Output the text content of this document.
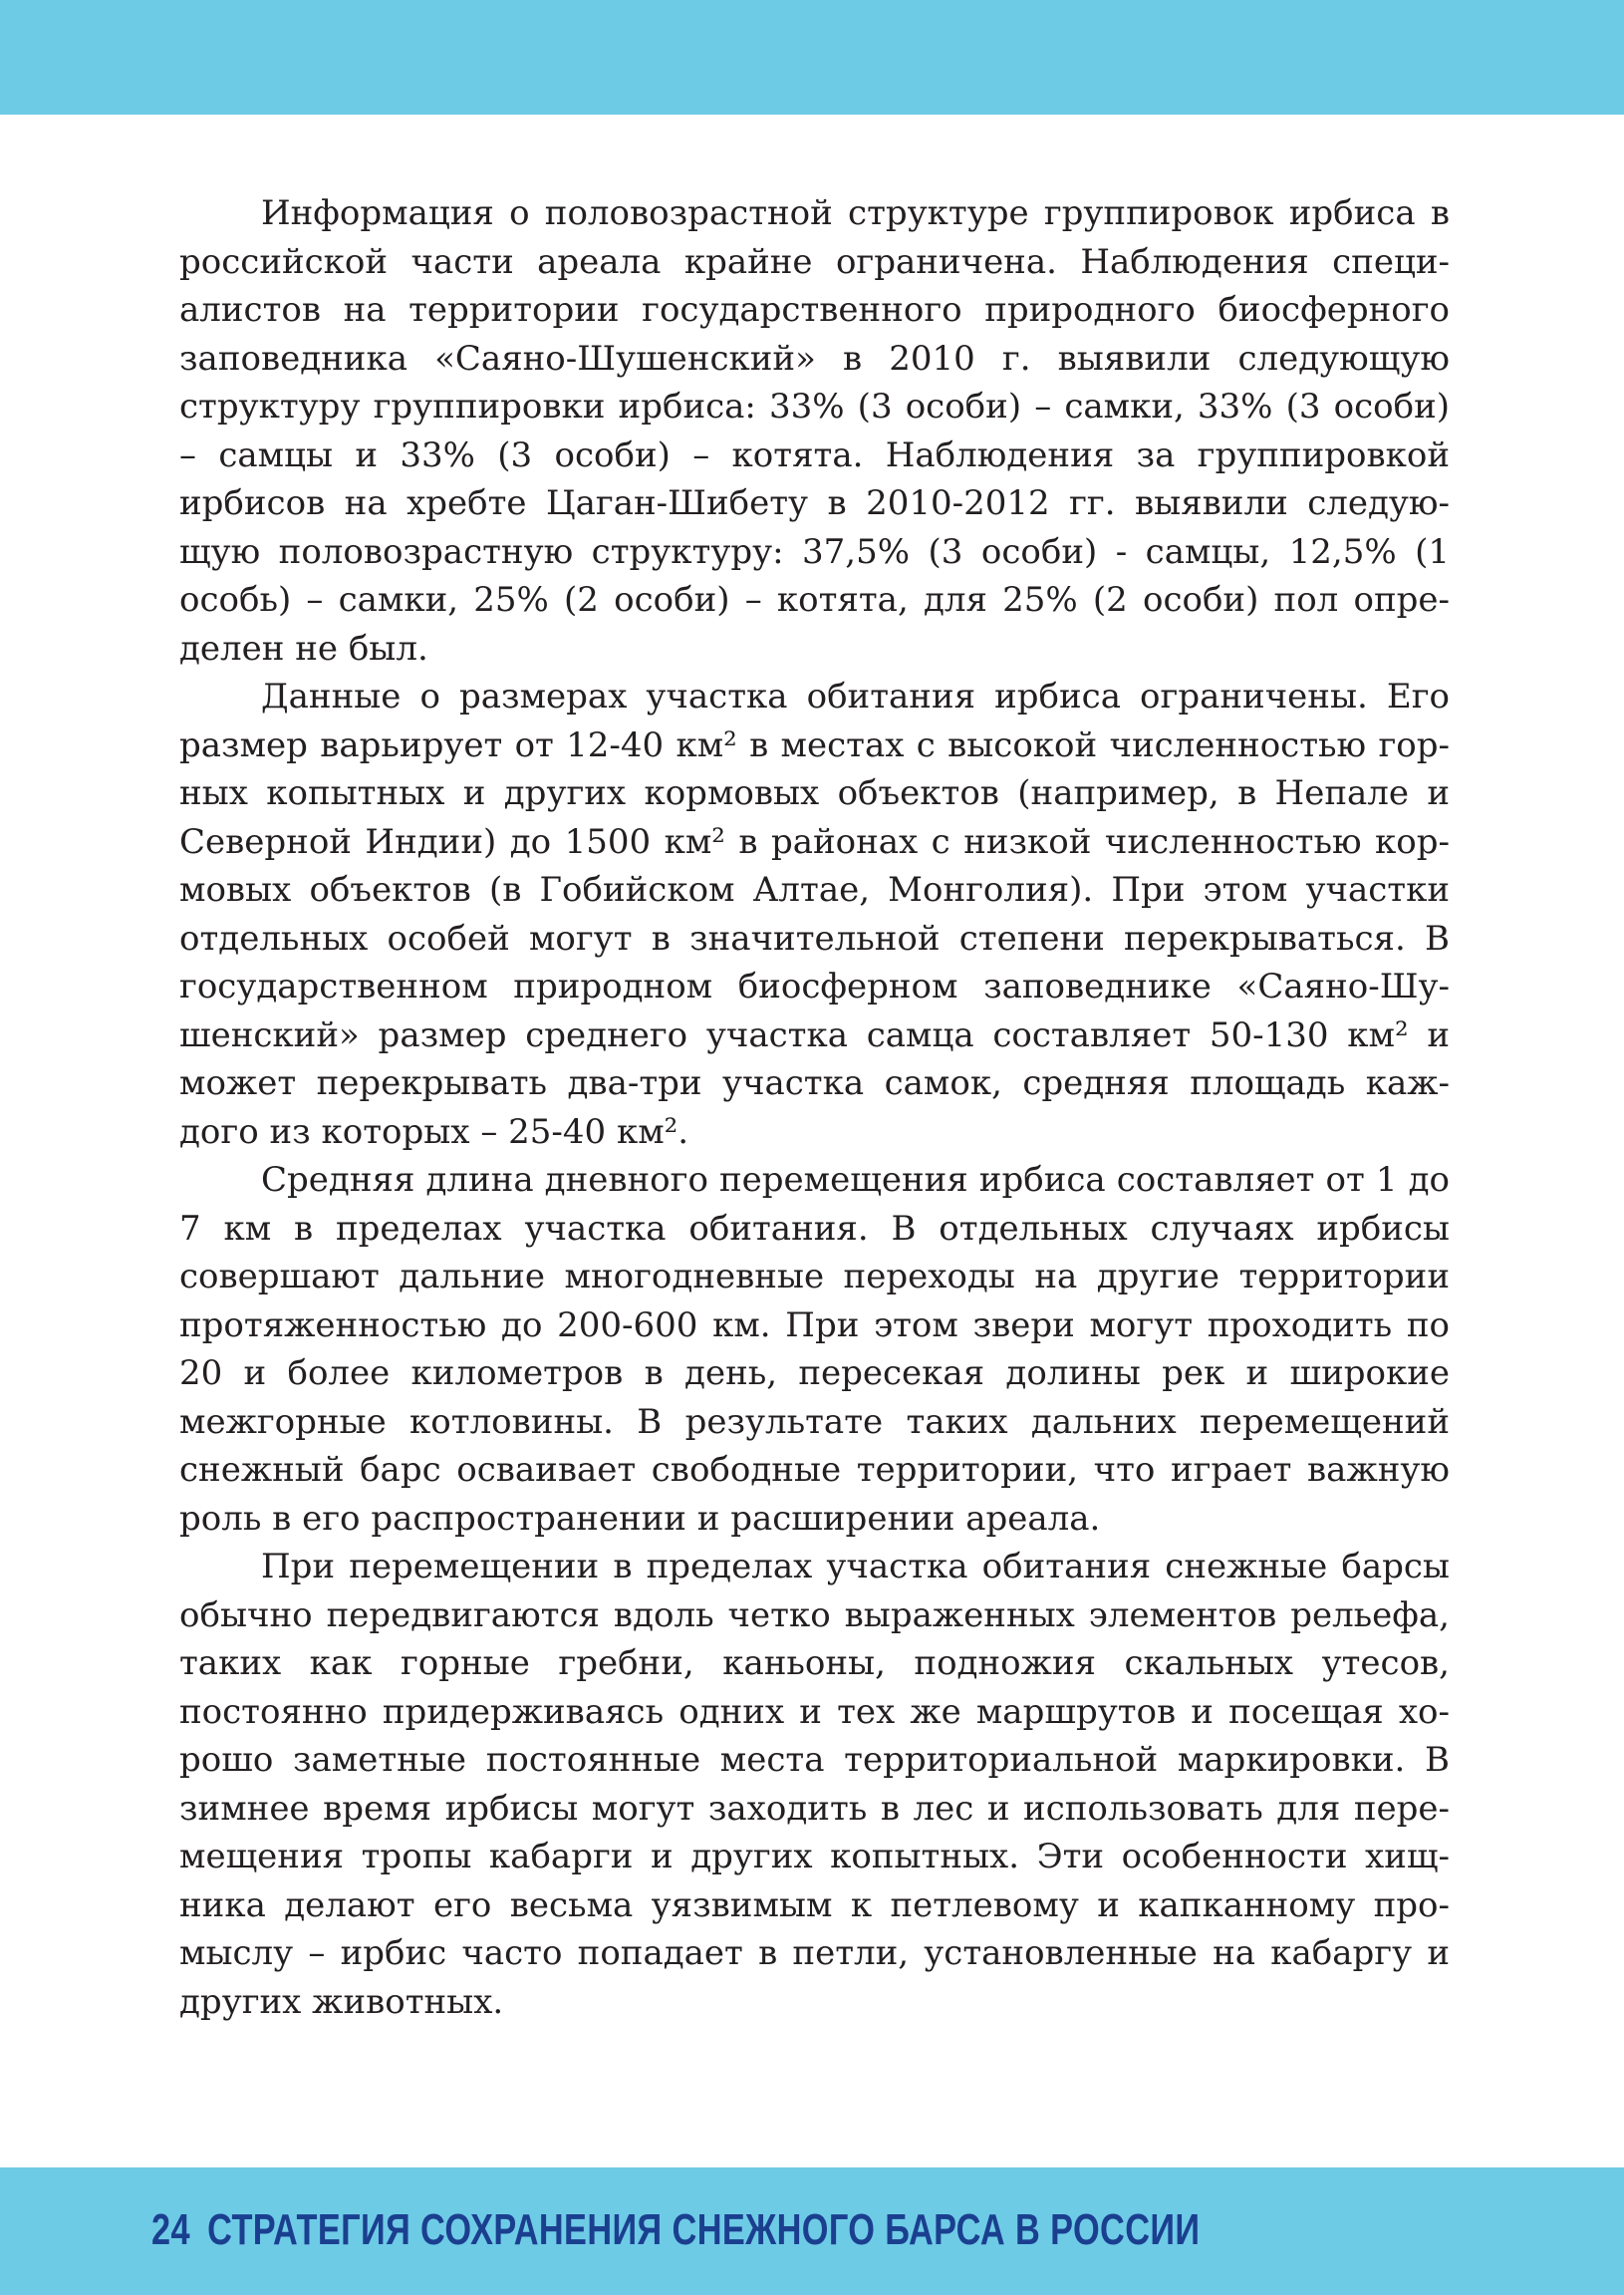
Информация о половозрастной структуре группировок ирбиса в российской части ареала крайне ограничена. Наблюдения специалистов на территории государственного природного биосферного заповедника «Саяно-Шушенский» в 2010 г. выявили следующую структуру группировки ирбиса: 33% (3 особи) – самки, 33% (3 особи) – самцы и 33% (3 особи) – котята. Наблюдения за группировкой ирбисов на хребте Цаган-Шибету в 2010-2012 гг. выявили следующую половозрастную структуру: 37,5% (3 особи) - самцы, 12,5% (1 особь) – самки, 25% (2 особи) – котята, для 25% (2 особи) пол определен не был.

Данные о размерах участка обитания ирбиса ограничены. Его размер варьирует от 12-40 км² в местах с высокой численностью горных копытных и других кормовых объектов (например, в Непале и Северной Индии) до 1500 км² в районах с низкой численностью кормовых объектов (в Гобийском Алтае, Монголия). При этом участки отдельных особей могут в значительной степени перекрываться. В государственном природном биосферном заповеднике «Саяно-Шушенский» размер среднего участка самца составляет 50-130 км² и может перекрывать два-три участка самок, средняя площадь каждого из которых – 25-40 км².

Средняя длина дневного перемещения ирбиса составляет от 1 до 7 км в пределах участка обитания. В отдельных случаях ирбисы совершают дальние многодневные переходы на другие территории протяженностью до 200-600 км. При этом звери могут проходить по 20 и более километров в день, пересекая долины рек и широкие межгорные котловины. В результате таких дальних перемещений снежный барс осваивает свободные территории, что играет важную роль в его распространении и расширении ареала.

При перемещении в пределах участка обитания снежные барсы обычно передвигаются вдоль четко выраженных элементов рельефа, таких как горные гребни, каньоны, подножия скальных утесов, постоянно придерживаясь одних и тех же маршрутов и посещая хорошо заметные постоянные места территориальной маркировки. В зимнее время ирбисы могут заходить в лес и использовать для перемещения тропы кабарги и других копытных. Эти особенности хищника делают его весьма уязвимым к петлевому и капканному промыслу – ирбис часто попадает в петли, установленные на кабаргу и других животных.

24 СТРАТЕГИЯ СОХРАНЕНИЯ СНЕЖНОГО БАРСА В РОССИИ
